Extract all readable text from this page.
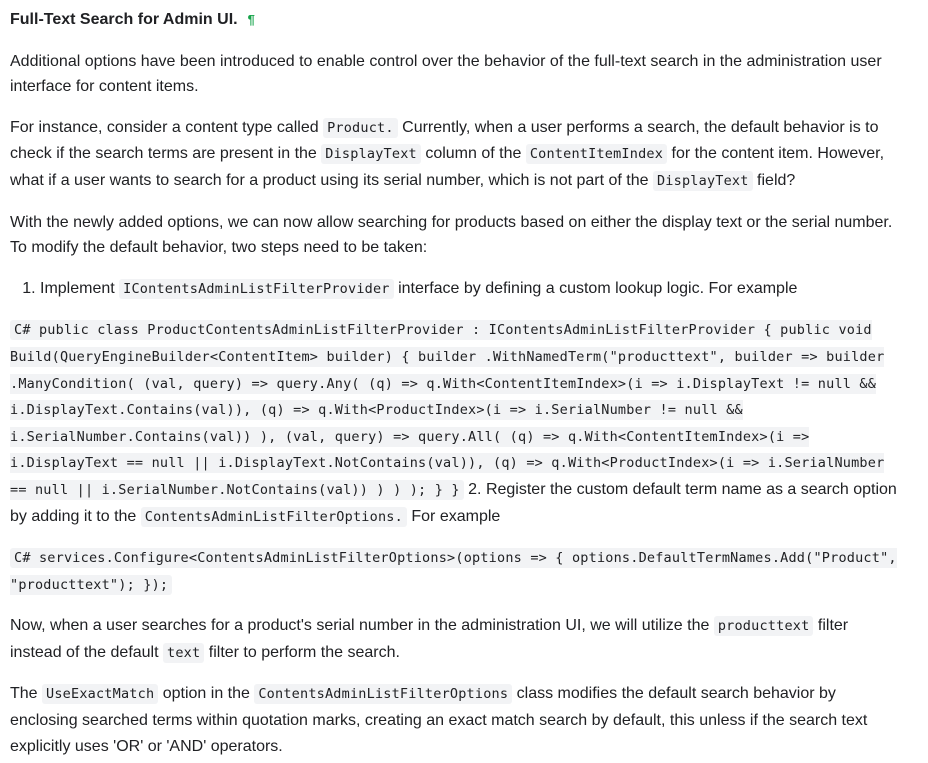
Full-Text Search for Admin UI. ¶

Additional options have been introduced to enable control over the behavior of the full-text search in the administration user interface for content items.

For instance, consider a content type called Product. Currently, when a user performs a search, the default behavior is to check if the search terms are present in the DisplayText column of the ContentItemIndex for the content item. However, what if a user wants to search for a product using its serial number, which is not part of the DisplayText field?

With the newly added options, we can now allow searching for products based on either the display text or the serial number. To modify the default behavior, two steps need to be taken:

1. Implement IContentsAdminListFilterProvider interface by defining a custom lookup logic. For example

C# public class ProductContentsAdminListFilterProvider : IContentsAdminListFilterProvider { public void Build(QueryEngineBuilder<ContentItem> builder) { builder .WithNamedTerm("producttext", builder => builder .ManyCondition( (val, query) => query.Any( (q) => q.With<ContentItemIndex>(i => i.DisplayText != null && i.DisplayText.Contains(val)), (q) => q.With<ProductIndex>(i => i.SerialNumber != null && i.SerialNumber.Contains(val)) ), (val, query) => query.All( (q) => q.With<ContentItemIndex>(i => i.DisplayText == null || i.DisplayText.NotContains(val)), (q) => q.With<ProductIndex>(i => i.SerialNumber == null || i.SerialNumber.NotContains(val)) ) ) ); } } 2. Register the custom default term name as a search option by adding it to the ContentsAdminListFilterOptions. For example

C# services.Configure<ContentsAdminListFilterOptions>(options => { options.DefaultTermNames.Add("Product", "producttext"); });

Now, when a user searches for a product's serial number in the administration UI, we will utilize the producttext filter instead of the default text filter to perform the search.

The UseExactMatch option in the ContentsAdminListFilterOptions class modifies the default search behavior by enclosing searched terms within quotation marks, creating an exact match search by default, this unless if the search text explicitly uses 'OR' or 'AND' operators.
